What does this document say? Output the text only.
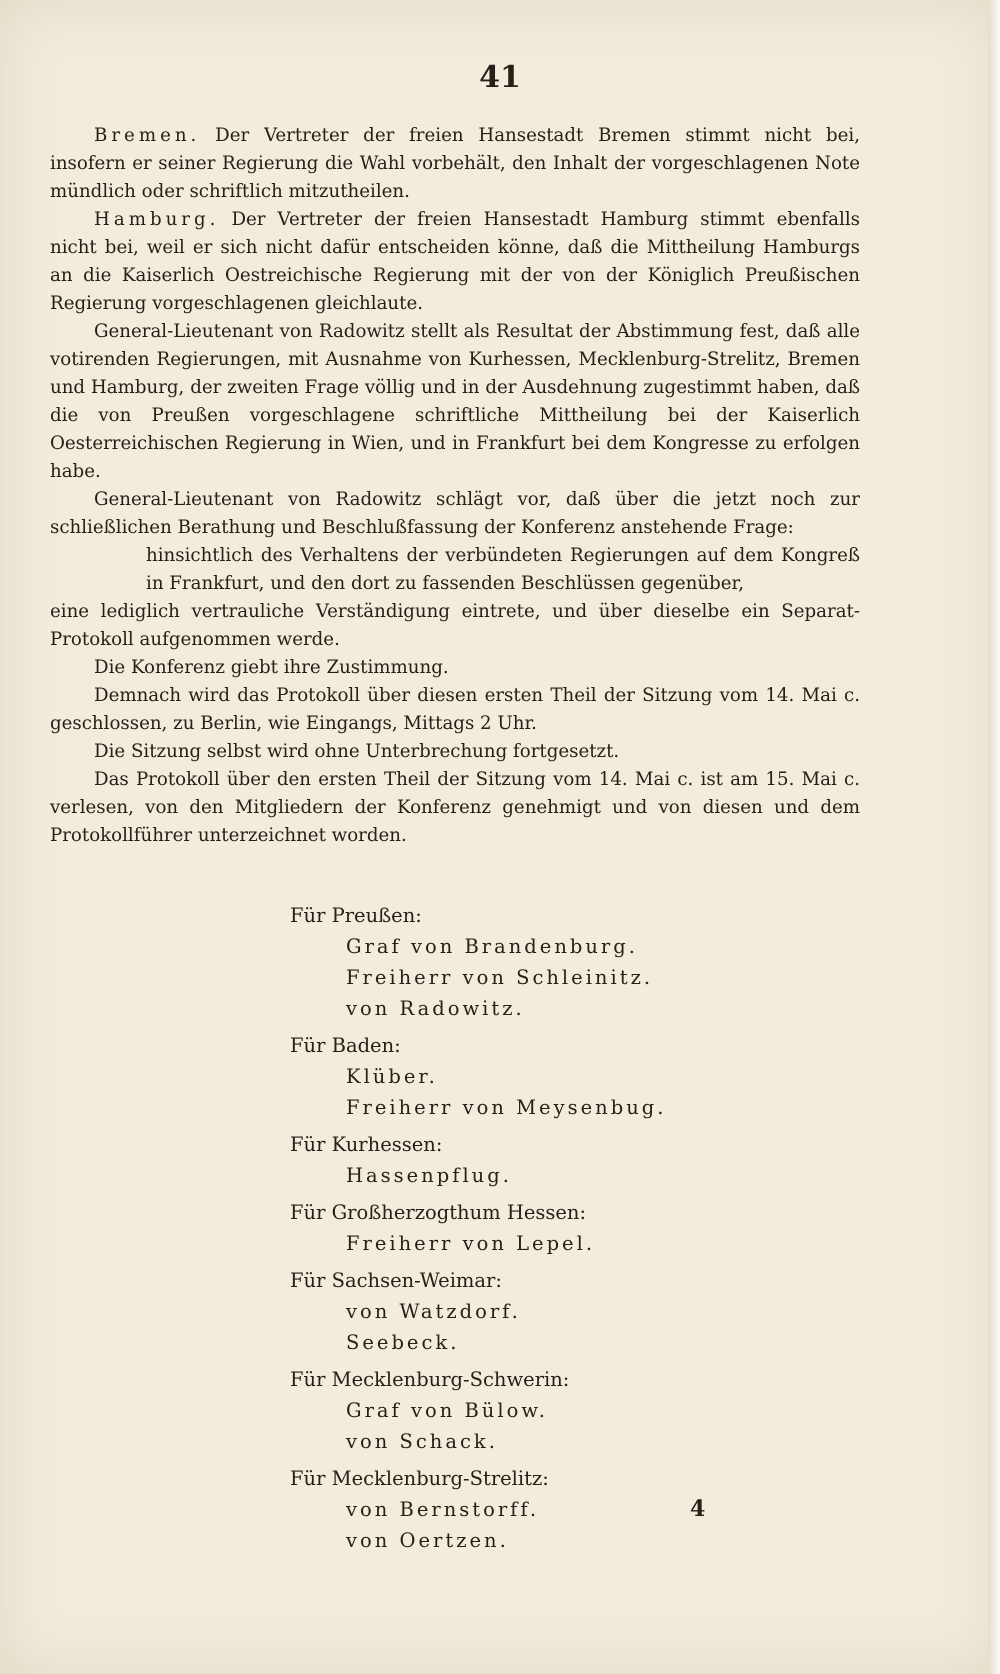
41

Bremen. Der Vertreter der freien Hansestadt Bremen stimmt nicht bei, insofern er seiner Regierung die Wahl vorbehält, den Inhalt der vorgeschlagenen Note mündlich oder schriftlich mitzutheilen.

Hamburg. Der Vertreter der freien Hansestadt Hamburg stimmt ebenfalls nicht bei, weil er sich nicht dafür entscheiden könne, daß die Mittheilung Hamburgs an die Kaiserlich Oestreichische Regierung mit der von der Königlich Preußischen Regierung vorgeschlagenen gleichlaute.

General-Lieutenant von Radowitz stellt als Resultat der Abstimmung fest, daß alle votirenden Regierungen, mit Ausnahme von Kurhessen, Mecklenburg-Strelitz, Bremen und Hamburg, der zweiten Frage völlig und in der Ausdehnung zugestimmt haben, daß die von Preußen vorgeschlagene schriftliche Mittheilung bei der Kaiserlich Oesterreichischen Regierung in Wien, und in Frankfurt bei dem Kongresse zu erfolgen habe.

General-Lieutenant von Radowitz schlägt vor, daß über die jetzt noch zur schließlichen Berathung und Beschlußfassung der Konferenz anstehende Frage:

hinsichtlich des Verhaltens der verbündeten Regierungen auf dem Kongreß in Frankfurt, und den dort zu fassenden Beschlüssen gegenüber,

eine lediglich vertrauliche Verständigung eintrete, und über dieselbe ein Separat-Protokoll aufgenommen werde.

Die Konferenz giebt ihre Zustimmung.

Demnach wird das Protokoll über diesen ersten Theil der Sitzung vom 14. Mai c. geschlossen, zu Berlin, wie Eingangs, Mittags 2 Uhr.

Die Sitzung selbst wird ohne Unterbrechung fortgesetzt.

Das Protokoll über den ersten Theil der Sitzung vom 14. Mai c. ist am 15. Mai c. verlesen, von den Mitgliedern der Konferenz genehmigt und von diesen und dem Protokollführer unterzeichnet worden.

Für Preußen:
Graf von Brandenburg.
Freiherr von Schleinitz.
von Radowitz.
Für Baden:
Klüber.
Freiherr von Meysenbug.
Für Kurhessen:
Hassenpflug.
Für Großherzogthum Hessen:
Freiherr von Lepel.
Für Sachsen-Weimar:
von Watzdorf.
Seebeck.
Für Mecklenburg-Schwerin:
Graf von Bülow.
von Schack.
Für Mecklenburg-Strelitz:
von Bernstorff.
von Oertzen.
4
